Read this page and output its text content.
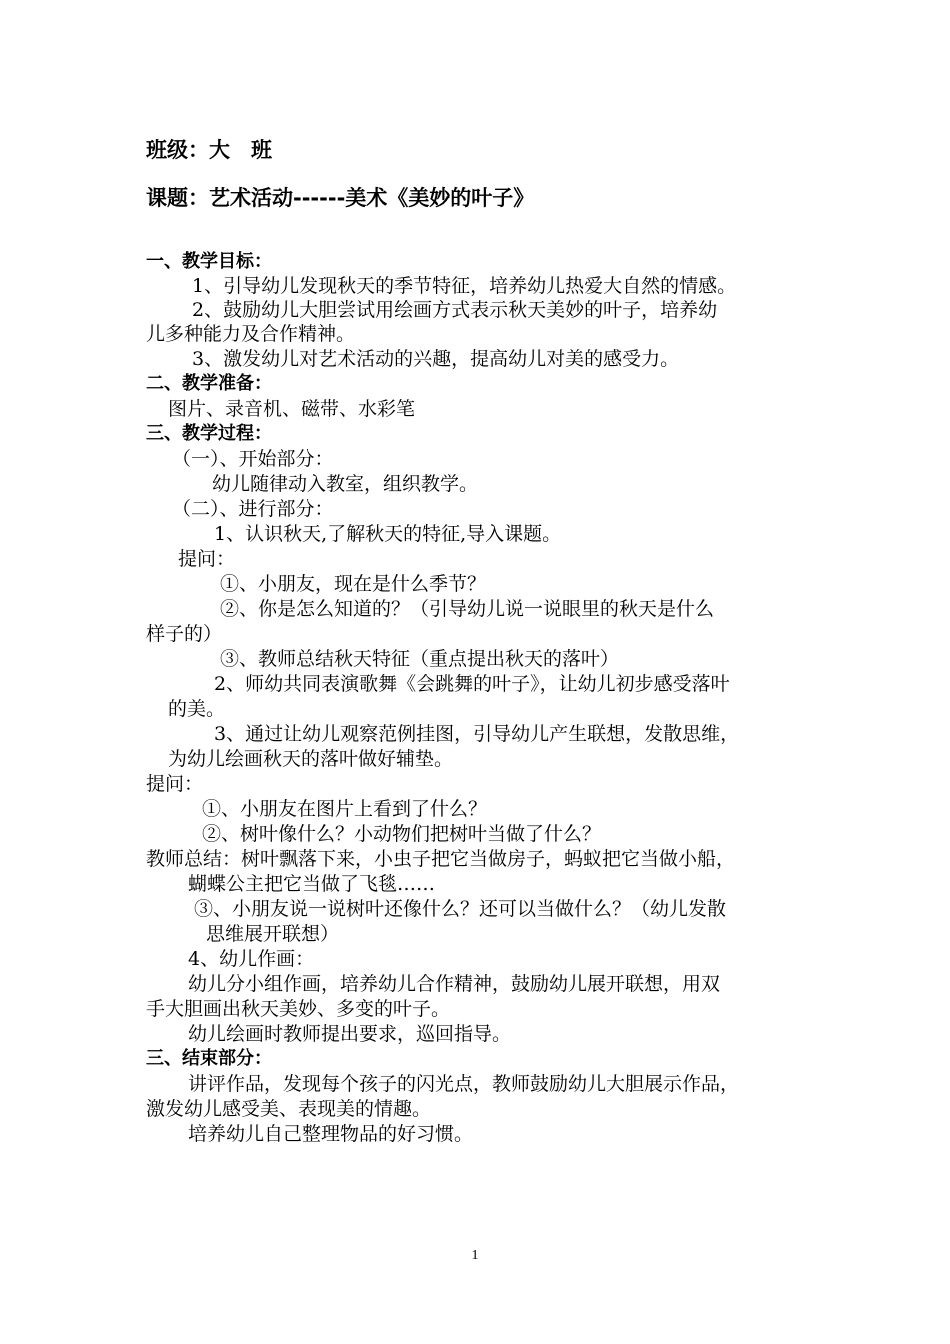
班级：大　班
课题：艺术活动------美术《美妙的叶子》
一、教学目标：
1、引导幼儿发现秋天的季节特征，培养幼儿热爱大自然的情感。
2、鼓励幼儿大胆尝试用绘画方式表示秋天美妙的叶子，培养幼
儿多种能力及合作精神。
3、激发幼儿对艺术活动的兴趣，提高幼儿对美的感受力。
二、教学准备：
图片、录音机、磁带、水彩笔
三、教学过程：
（一）、开始部分：
幼儿随律动入教室，组织教学。
（二）、进行部分：
1、认识秋天,了解秋天的特征,导入课题。
提问：
①、小朋友，现在是什么季节？
②、你是怎么知道的？（引导幼儿说一说眼里的秋天是什么
样子的）
③、教师总结秋天特征（重点提出秋天的落叶）
2、师幼共同表演歌舞《会跳舞的叶子》，让幼儿初步感受落叶
的美。
3、通过让幼儿观察范例挂图，引导幼儿产生联想，发散思维，
为幼儿绘画秋天的落叶做好辅垫。
提问：
①、小朋友在图片上看到了什么？
②、树叶像什么？小动物们把树叶当做了什么？
教师总结：树叶飘落下来，小虫子把它当做房子，蚂蚁把它当做小船，
蝴蝶公主把它当做了飞毯……
③、小朋友说一说树叶还像什么？还可以当做什么？（幼儿发散
思维展开联想）
4、幼儿作画：
幼儿分小组作画，培养幼儿合作精神，鼓励幼儿展开联想，用双
手大胆画出秋天美妙、多变的叶子。
幼儿绘画时教师提出要求，巡回指导。
三、结束部分：
讲评作品，发现每个孩子的闪光点，教师鼓励幼儿大胆展示作品，
激发幼儿感受美、表现美的情趣。
培养幼儿自己整理物品的好习惯。
1
